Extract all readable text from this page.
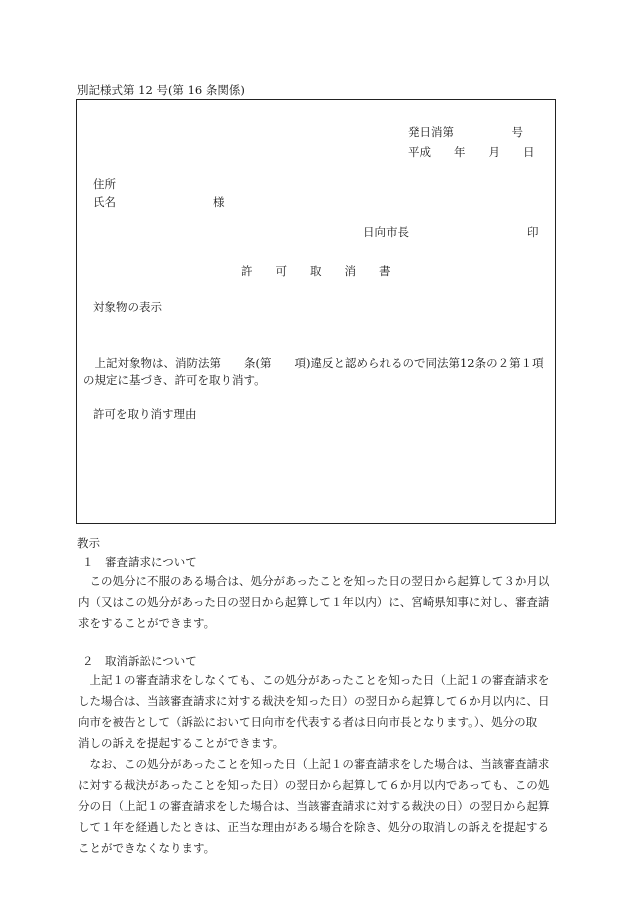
別記様式第 12 号(第 16 条関係)
発日消第　　　　　号
平成　　年　　月　　日
住所
氏名	様
日向市長	印
許　　可　　取　　消　　書
対象物の表示
　上記対象物は、消防法第　　条(第　　項)違反と認められるので同法第12条の２第１項
の規定に基づき、許可を取り消す。
許可を取り消す理由
教示
１　審査請求について
　この処分に不服のある場合は、処分があったことを知った日の翌日から起算して３か月以
内（又はこの処分があった日の翌日から起算して１年以内）に、宮崎県知事に対し、審査請
求をすることができます。
２　取消訴訟について
　上記１の審査請求をしなくても、この処分があったことを知った日（上記１の審査請求を
した場合は、当該審査請求に対する裁決を知った日）の翌日から起算して６か月以内に、日
向市を被告として（訴訟において日向市を代表する者は日向市長となります。）、処分の取
消しの訴えを提起することができます。
　なお、この処分があったことを知った日（上記１の審査請求をした場合は、当該審査請求
に対する裁決があったことを知った日）の翌日から起算して６か月以内であっても、この処
分の日（上記１の審査請求をした場合は、当該審査請求に対する裁決の日）の翌日から起算
して１年を経過したときは、正当な理由がある場合を除き、処分の取消しの訴えを提起する
ことができなくなります。
